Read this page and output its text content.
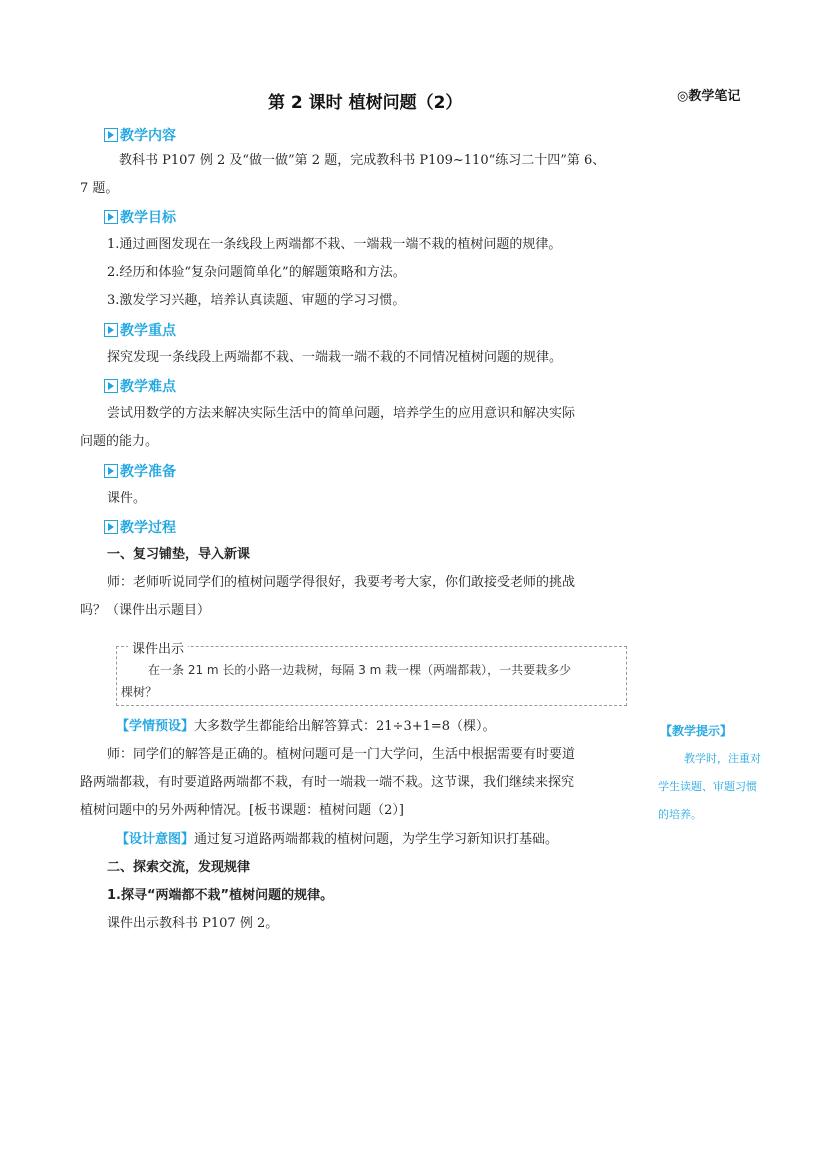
第 2 课时 植树问题（2）	◎教学笔记
教学内容
教科书 P107 例 2 及“做一做”第 2 题，完成教科书 P109~110“练习二十四”第 6、
7 题。
教学目标
1.通过画图发现在一条线段上两端都不栽、一端栽一端不栽的植树问题的规律。
2.经历和体验“复杂问题简单化”的解题策略和方法。
3.激发学习兴趣，培养认真读题、审题的学习习惯。
教学重点
探究发现一条线段上两端都不栽、一端栽一端不栽的不同情况植树问题的规律。
教学难点
尝试用数学的方法来解决实际生活中的简单问题，培养学生的应用意识和解决实际
问题的能力。
教学准备
课件。
教学过程
一、复习铺垫，导入新课
师：老师听说同学们的植树问题学得很好，我要考考大家，你们敢接受老师的挑战
吗？（课件出示题目）
课件出示
在一条 21 m 长的小路一边栽树，每隔 3 m 栽一棵（两端都栽），一共要栽多少
棵树？
【学情预设】大多数学生都能给出解答算式：21÷3+1=8（棵）。
师：同学们的解答是正确的。植树问题可是一门大学问，生活中根据需要有时要道
路两端都栽，有时要道路两端都不栽，有时一端栽一端不栽。这节课，我们继续来探究
植树问题中的另外两种情况。[板书课题：植树问题（2）]
【设计意图】通过复习道路两端都栽的植树问题，为学生学习新知识打基础。
二、探索交流，发现规律
1.探寻“两端都不栽”植树问题的规律。
课件出示教科书 P107 例 2。
【教学提示】
教学时，注重对
学生读题、审题习惯
的培养。
